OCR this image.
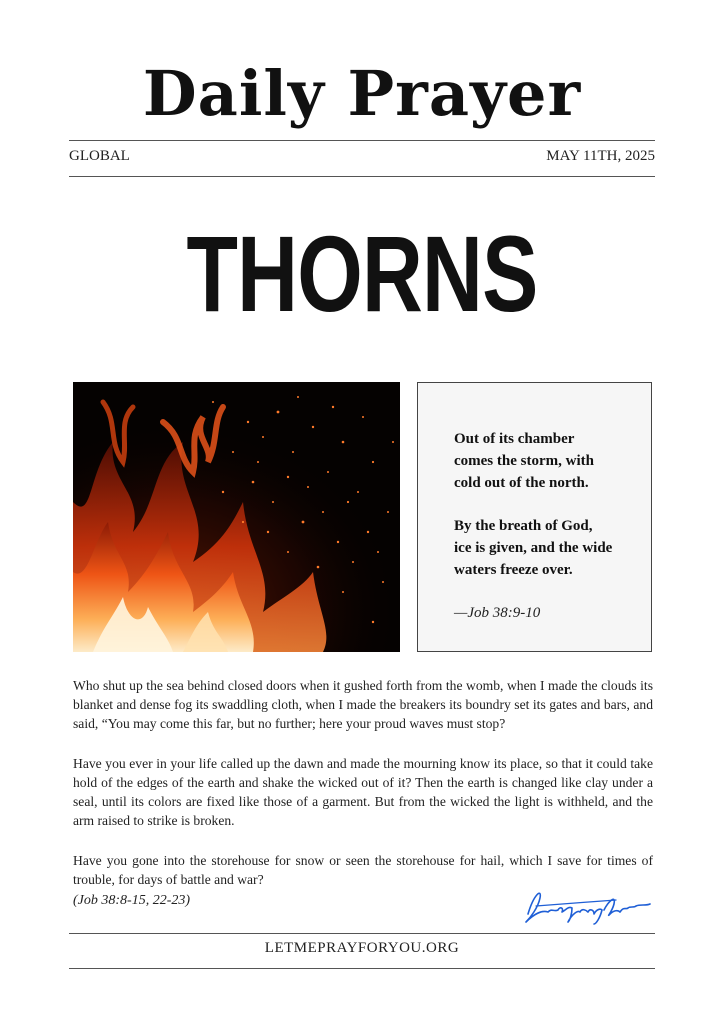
Daily Prayer
GLOBAL	MAY 11TH, 2025
THORNS
Out of its chamber
comes the storm, with
cold out of the north.
By the breath of God,
ice is given, and the wide
waters freeze over.
—Job 38:9-10

Who shut up the sea behind closed doors when it gushed forth from the womb, when I made the clouds its blanket and dense fog its swaddling cloth, when I made the breakers its boundry set its gates and bars, and said, “You may come this far, but no further; here your proud waves must stop?

Have you ever in your life called up the dawn and made the mourning know its place, so that it could take hold of the edges of the earth and shake the wicked out of it? Then the earth is changed like clay under a seal, until its colors are fixed like those of a garment. But from the wicked the light is withheld, and the arm raised to strike is broken.

Have you gone into the storehouse for snow or seen the storehouse for hail, which I save for times of trouble, for days of battle and war?

(Job 38:8-15, 22-23)
LETMEPRAYFORYOU.ORG
